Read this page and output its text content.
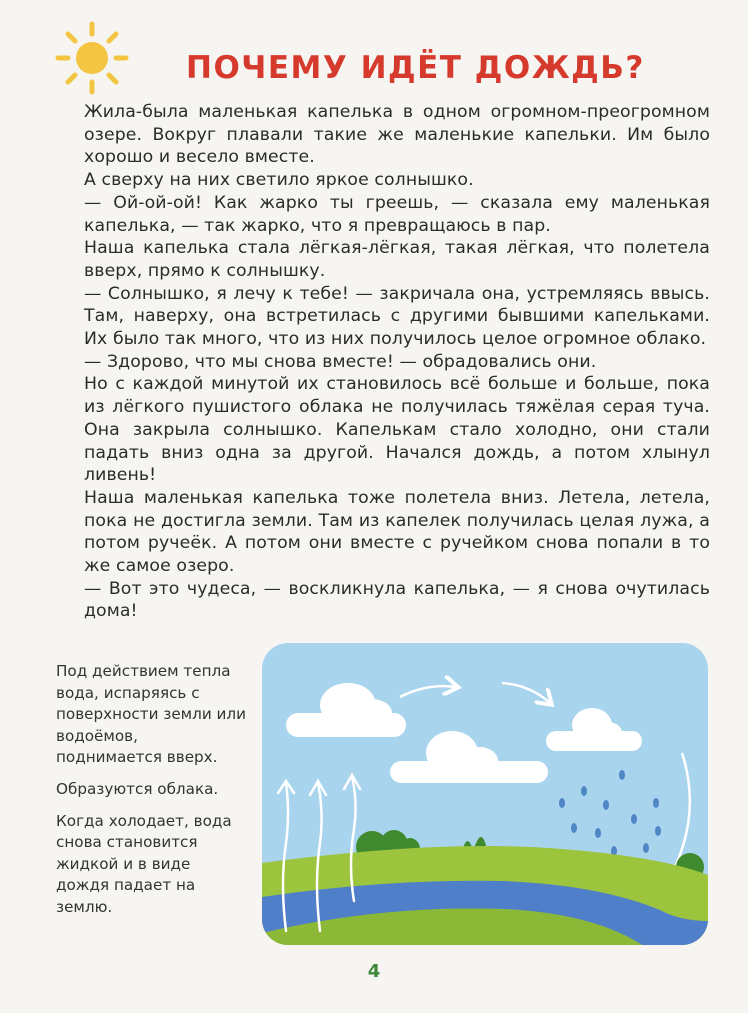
ПОЧЕМУ ИДЁТ ДОЖДЬ?

Жила-была маленькая капелька в одном огромном-преогромном озере. Вокруг плавали такие же маленькие капельки. Им было хорошо и весело вместе.

А сверху на них светило яркое солнышко.

— Ой-ой-ой! Как жарко ты греешь, — сказала ему маленькая капелька, — так жарко, что я превращаюсь в пар.

Наша капелька стала лёгкая-лёгкая, такая лёгкая, что полетела вверх, прямо к солнышку.

— Солнышко, я лечу к тебе! — закричала она, устремляясь ввысь. Там, наверху, она встретилась с другими бывшими капельками. Их было так много, что из них получилось целое огромное облако.

— Здорово, что мы снова вместе! — обрадовались они.

Но с каждой минутой их становилось всё больше и больше, пока из лёгкого пушистого облака не получилась тяжёлая серая туча. Она закрыла солнышко. Капелькам стало холодно, они стали падать вниз одна за другой. Начался дождь, а потом хлынул ливень!

Наша маленькая капелька тоже полетела вниз. Летела, летела, пока не достигла земли. Там из капелек получилась целая лужа, а потом ручеёк. А потом они вместе с ручейком снова попали в то же самое озеро.

— Вот это чудеса, — воскликнула капелька, — я снова очутилась дома!

Под действием тепла вода, испаряясь с поверхности земли или водоёмов, поднимается вверх.

Образуются облака.

Когда холодает, вода снова становится жидкой и в виде дождя падает на землю.

4
